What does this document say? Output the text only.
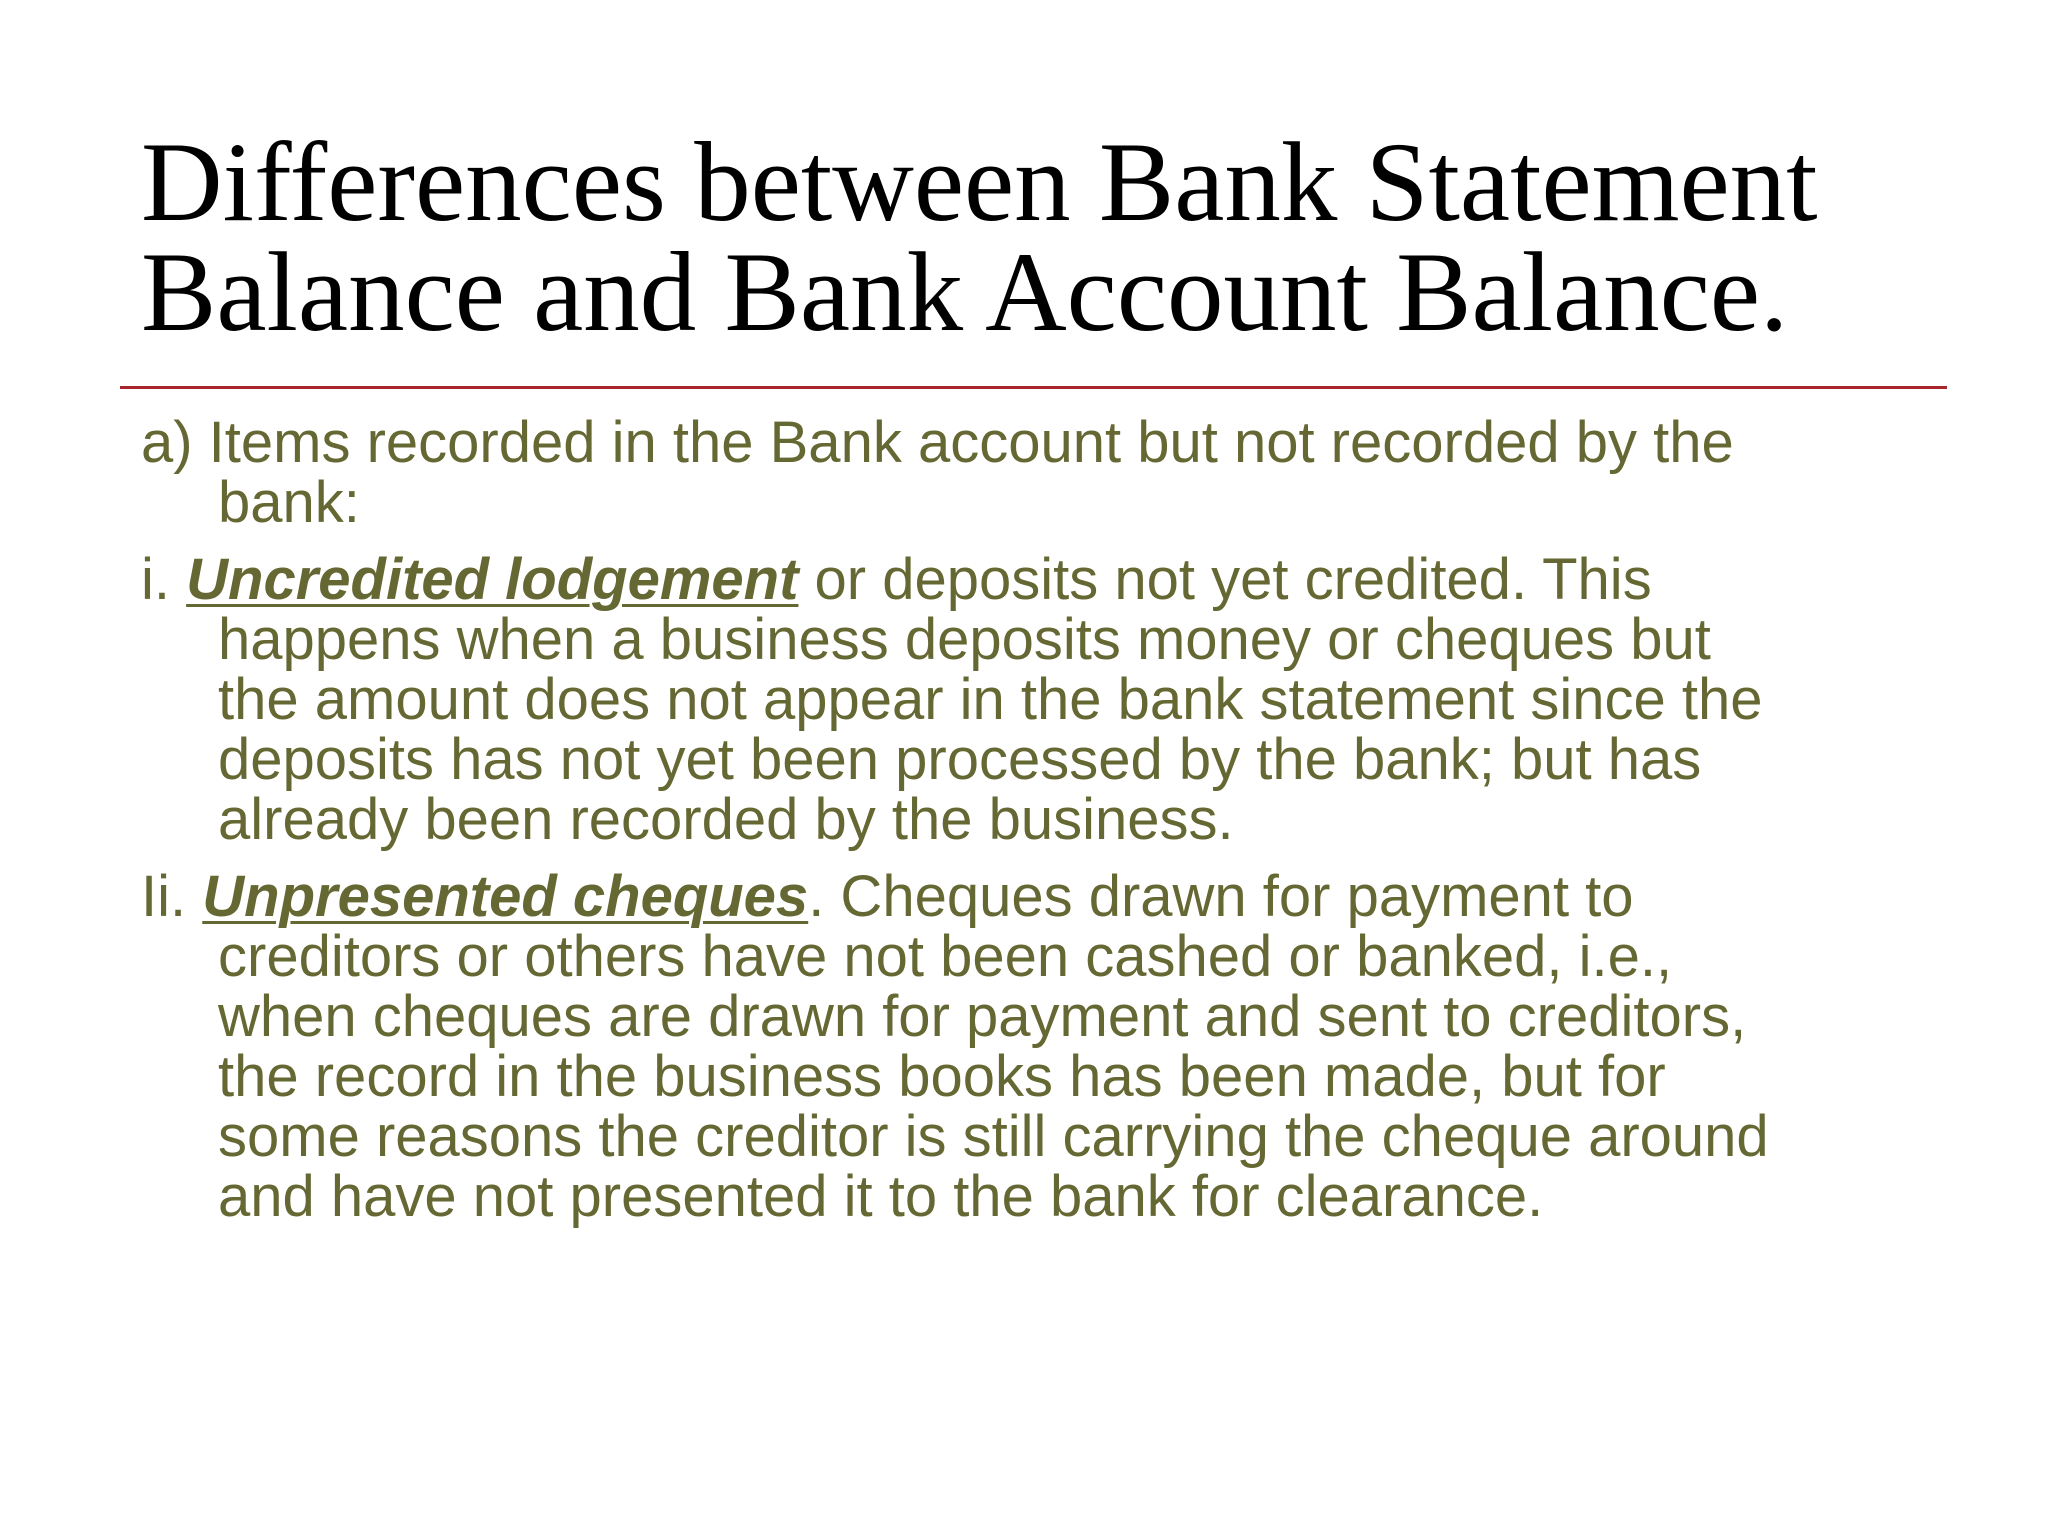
Differences between Bank Statement
Balance and Bank Account Balance.

a) Items recorded in the Bank account but not recorded by the
bank:

i. Uncredited lodgement or deposits not yet credited. This
happens when a business deposits money or cheques but
the amount does not appear in the bank statement since the
deposits has not yet been processed by the bank; but has
already been recorded by the business.

Ii. Unpresented cheques. Cheques drawn for payment to
creditors or others have not been cashed or banked, i.e.,
when cheques are drawn for payment and sent to creditors,
the record in the business books has been made, but for
some reasons the creditor is still carrying the cheque around
and have not presented it to the bank for clearance.
